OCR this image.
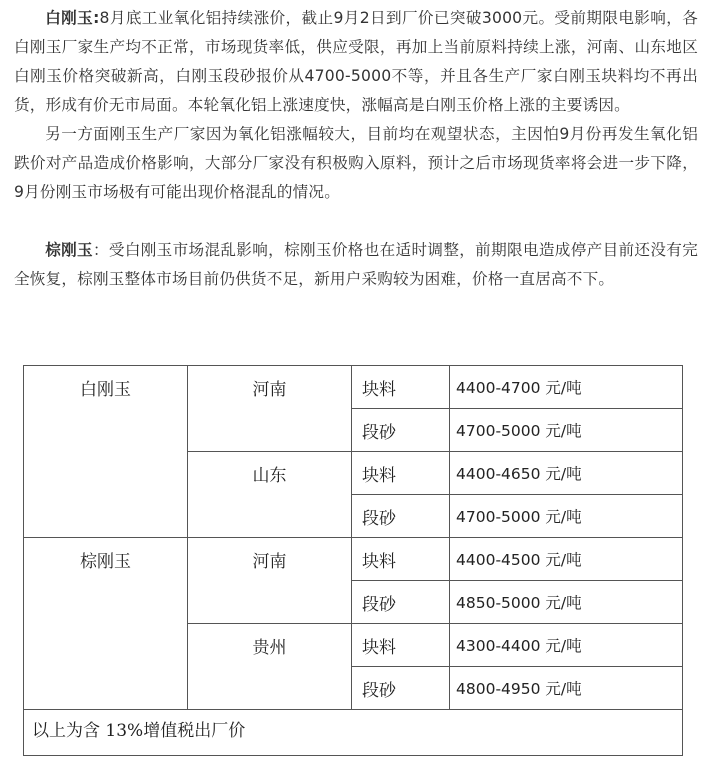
白刚玉:8月底工业氧化铝持续涨价，截止9月2日到厂价已突破3000元。受前期限电影响，各白刚玉厂家生产均不正常，市场现货率低，供应受限，再加上当前原料持续上涨，河南、山东地区白刚玉价格突破新高，白刚玉段砂报价从4700-5000不等，并且各生产厂家白刚玉块料均不再出货，形成有价无市局面。本轮氧化铝上涨速度快，涨幅高是白刚玉价格上涨的主要诱因。

另一方面刚玉生产厂家因为氧化铝涨幅较大，目前均在观望状态，主因怕9月份再发生氧化铝跌价对产品造成价格影响，大部分厂家没有积极购入原料，预计之后市场现货率将会进一步下降，9月份刚玉市场极有可能出现价格混乱的情况。

棕刚玉：受白刚玉市场混乱影响，棕刚玉价格也在适时调整，前期限电造成停产目前还没有完全恢复，棕刚玉整体市场目前仍供货不足，新用户采购较为困难，价格一直居高不下。

白刚玉	河南	块料	4400-4700 元/吨
		段砂	4700-5000 元/吨
	山东	块料	4400-4650 元/吨
		段砂	4700-5000 元/吨
棕刚玉	河南	块料	4400-4500 元/吨
		段砂	4850-5000 元/吨
	贵州	块料	4300-4400 元/吨
		段砂	4800-4950 元/吨
以上为含 13%增值税出厂价			
